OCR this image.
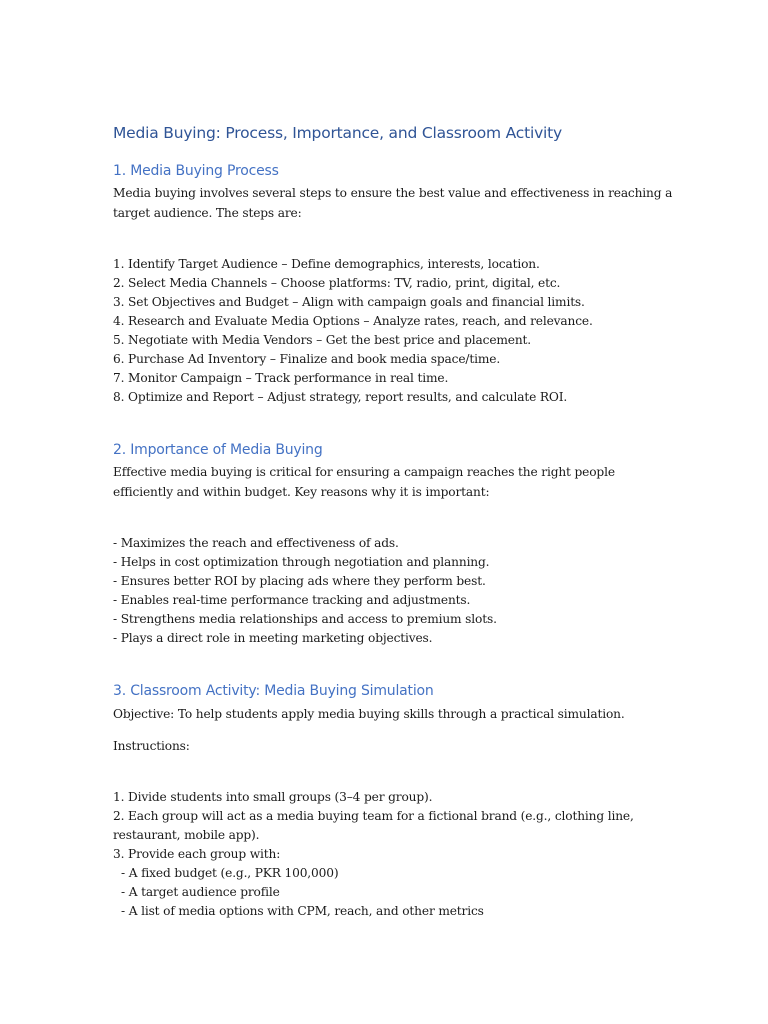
Media Buying: Process, Importance, and Classroom Activity
1. Media Buying Process

Media buying involves several steps to ensure the best value and effectiveness in reaching a target audience. The steps are:

1. Identify Target Audience – Define demographics, interests, location.
2. Select Media Channels – Choose platforms: TV, radio, print, digital, etc.
3. Set Objectives and Budget – Align with campaign goals and financial limits.
4. Research and Evaluate Media Options – Analyze rates, reach, and relevance.
5. Negotiate with Media Vendors – Get the best price and placement.
6. Purchase Ad Inventory – Finalize and book media space/time.
7. Monitor Campaign – Track performance in real time.
8. Optimize and Report – Adjust strategy, report results, and calculate ROI.
2. Importance of Media Buying

Effective media buying is critical for ensuring a campaign reaches the right people efficiently and within budget. Key reasons why it is important:

- Maximizes the reach and effectiveness of ads.
- Helps in cost optimization through negotiation and planning.
- Ensures better ROI by placing ads where they perform best.
- Enables real-time performance tracking and adjustments.
- Strengthens media relationships and access to premium slots.
- Plays a direct role in meeting marketing objectives.
3. Classroom Activity: Media Buying Simulation

Objective: To help students apply media buying skills through a practical simulation.

Instructions:

1. Divide students into small groups (3–4 per group).
2. Each group will act as a media buying team for a fictional brand (e.g., clothing line, restaurant, mobile app).
3. Provide each group with:
- A fixed budget (e.g., PKR 100,000)
- A target audience profile
- A list of media options with CPM, reach, and other metrics
